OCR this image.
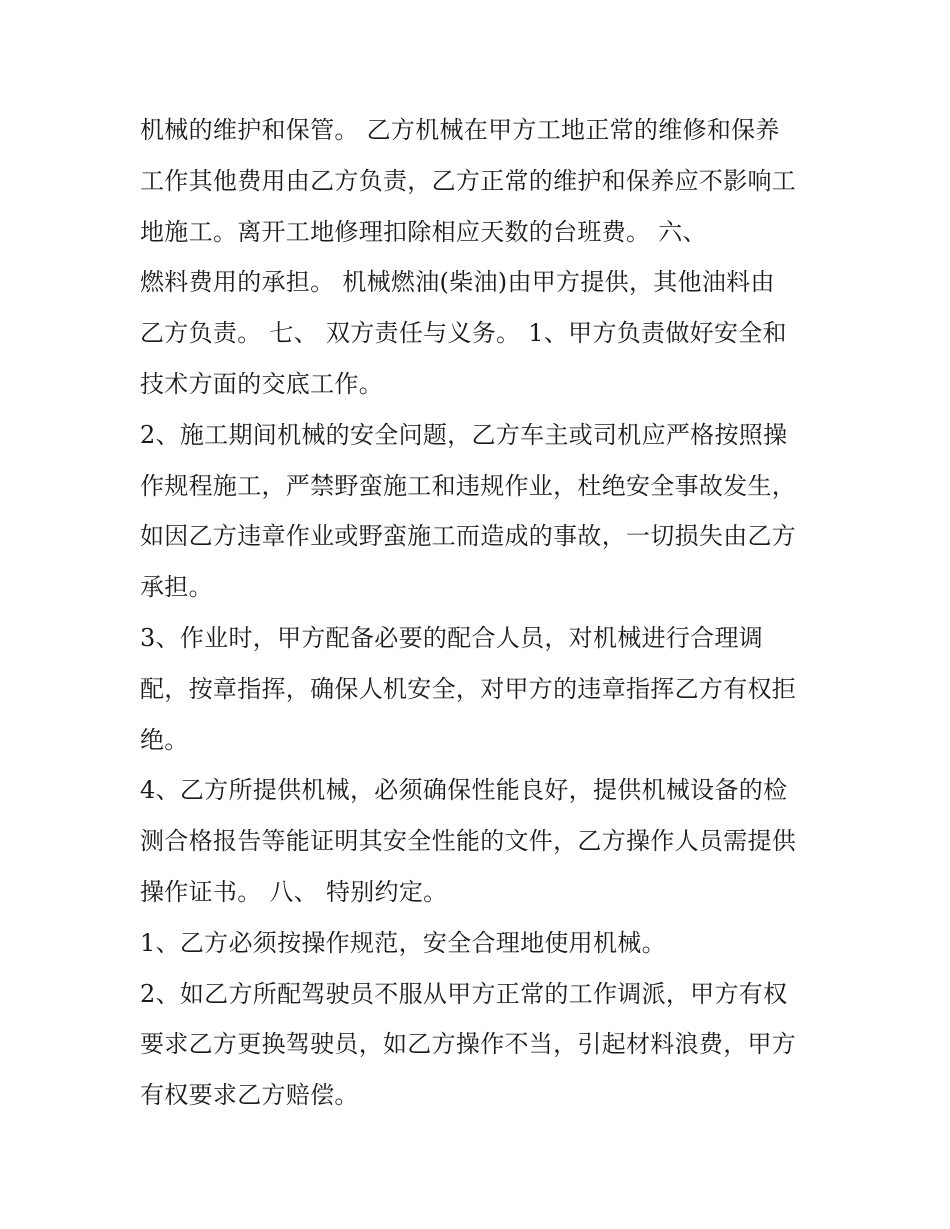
机械的维护和保管。 乙方机械在甲方工地正常的维修和保养
工作其他费用由乙方负责，乙方正常的维护和保养应不影响工
地施工。离开工地修理扣除相应天数的台班费。 六、
燃料费用的承担。 机械燃油(柴油)由甲方提供，其他油料由
乙方负责。 七、 双方责任与义务。 1、甲方负责做好安全和
技术方面的交底工作。
2、施工期间机械的安全问题，乙方车主或司机应严格按照操
作规程施工，严禁野蛮施工和违规作业，杜绝安全事故发生，
如因乙方违章作业或野蛮施工而造成的事故，一切损失由乙方
承担。
3、作业时，甲方配备必要的配合人员，对机械进行合理调
配，按章指挥，确保人机安全，对甲方的违章指挥乙方有权拒
绝。
4、乙方所提供机械，必须确保性能良好，提供机械设备的检
测合格报告等能证明其安全性能的文件，乙方操作人员需提供
操作证书。 八、 特别约定。
1、乙方必须按操作规范，安全合理地使用机械。
2、如乙方所配驾驶员不服从甲方正常的工作调派，甲方有权
要求乙方更换驾驶员，如乙方操作不当，引起材料浪费，甲方
有权要求乙方赔偿。
